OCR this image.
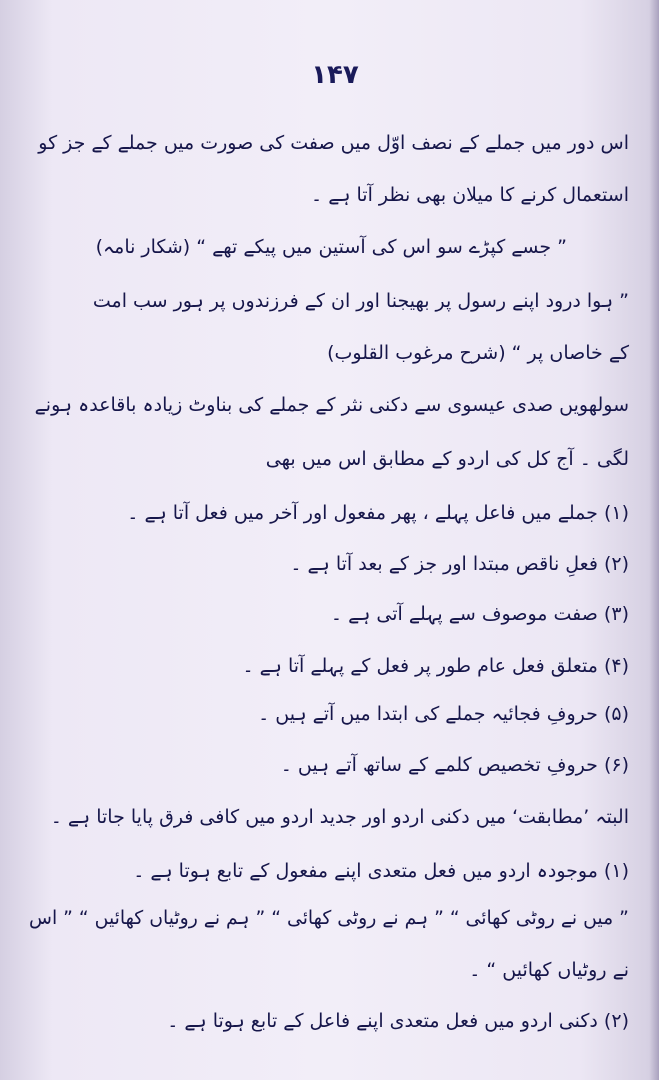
۱۴۷
اس دور میں جملے کے نصف اوّل میں صفت کی صورت میں جملے کے جز کو
استعمال کرنے کا میلان بھی نظر آتا ہے ۔
” جسے کپڑے سو اس کی آستین میں پیکے تھے “ (شکار نامہ)
” ہوا درود اپنے رسول پر بھیجنا اور ان کے فرزندوں پر ہور سب امت
کے خاصاں پر “ (شرح مرغوب القلوب)
سولھویں صدی عیسوی سے دکنی نثر کے جملے کی بناوٹ زیادہ باقاعدہ ہونے
لگی ۔ آج کل کی اردو کے مطابق اس میں بھی
(۱) جملے میں فاعل پہلے ، پھر مفعول اور آخر میں فعل آتا ہے ۔
(۲) فعلِ ناقص مبتدا اور جز کے بعد آتا ہے ۔
(۳) صفت موصوف سے پہلے آتی ہے ۔
(۴) متعلق فعل عام طور پر فعل کے پہلے آتا ہے ۔
(۵) حروفِ فجائیہ جملے کی ابتدا میں آتے ہیں ۔
(۶) حروفِ تخصیص کلمے کے ساتھ آتے ہیں ۔
البتہ ’مطابقت‘ میں دکنی اردو اور جدید اردو میں کافی فرق پایا جاتا ہے ۔
(۱) موجودہ اردو میں فعل متعدی اپنے مفعول کے تابع ہوتا ہے ۔
” میں نے روٹی کھائی “ ” ہم نے روٹی کھائی “ ” ہم نے روٹیاں کھائیں “ ” اس
نے روٹیاں کھائیں “ ۔
(۲) دکنی اردو میں فعل متعدی اپنے فاعل کے تابع ہوتا ہے ۔
